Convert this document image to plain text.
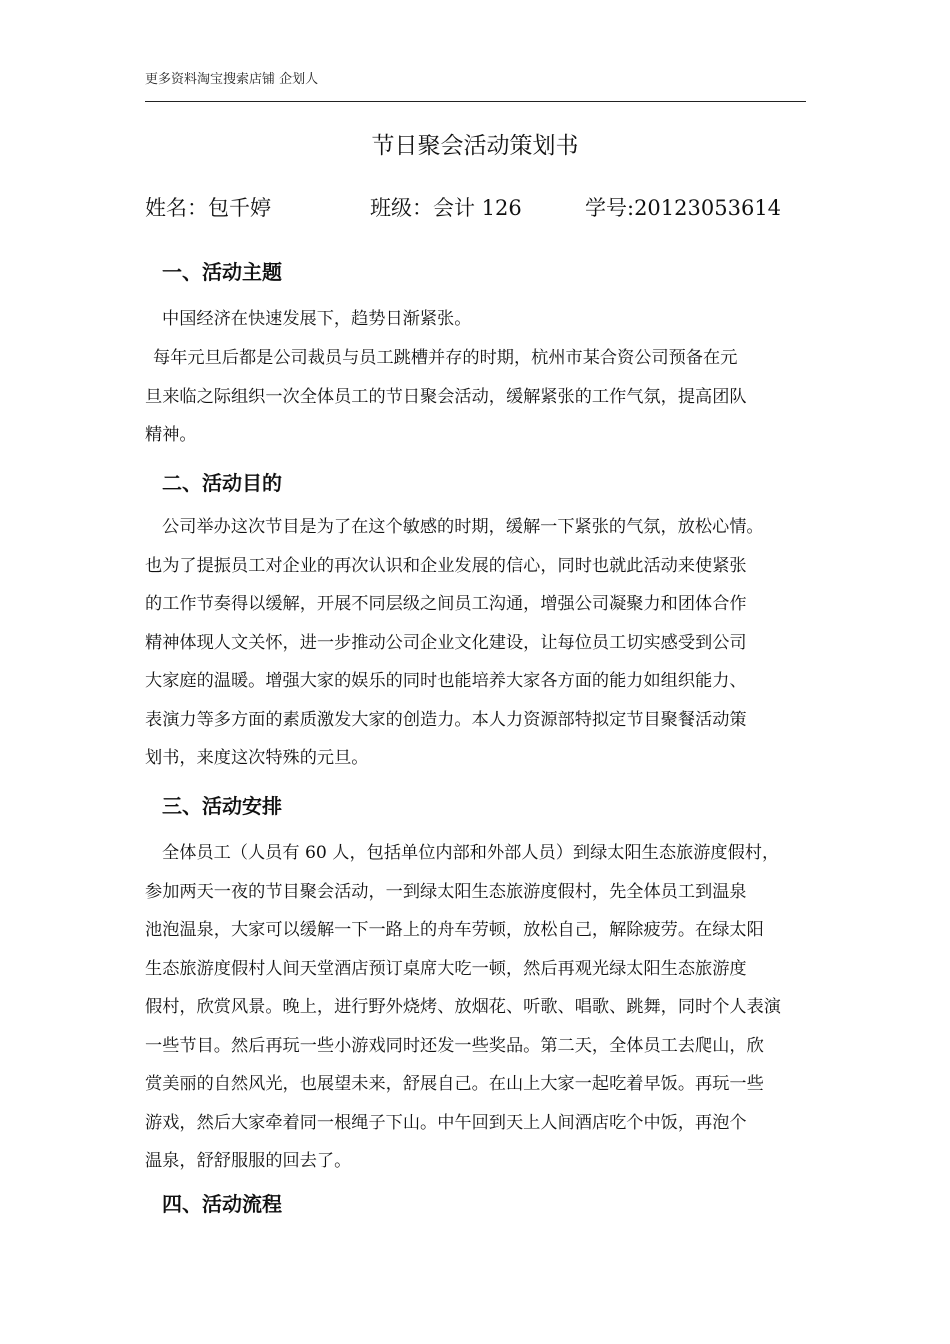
更多资料淘宝搜索店铺 企划人
节日聚会活动策划书
姓名：包千婷	班级：会计 126	学号:20123053614
一、活动主题
中国经济在快速发展下，趋势日渐紧张。
每年元旦后都是公司裁员与员工跳槽并存的时期，杭州市某合资公司预备在元
旦来临之际组织一次全体员工的节日聚会活动，缓解紧张的工作气氛，提高团队
精神。
二、活动目的
公司举办这次节目是为了在这个敏感的时期，缓解一下紧张的气氛，放松心情。
也为了提振员工对企业的再次认识和企业发展的信心，同时也就此活动来使紧张
的工作节奏得以缓解，开展不同层级之间员工沟通，增强公司凝聚力和团体合作
精神体现人文关怀，进一步推动公司企业文化建设，让每位员工切实感受到公司
大家庭的温暖。增强大家的娱乐的同时也能培养大家各方面的能力如组织能力、
表演力等多方面的素质激发大家的创造力。本人力资源部特拟定节目聚餐活动策
划书，来度这次特殊的元旦。
三、活动安排
全体员工（人员有 60 人，包括单位内部和外部人员）到绿太阳生态旅游度假村，
参加两天一夜的节目聚会活动，一到绿太阳生态旅游度假村，先全体员工到温泉
池泡温泉，大家可以缓解一下一路上的舟车劳顿，放松自己，解除疲劳。在绿太阳
生态旅游度假村人间天堂酒店预订桌席大吃一顿，然后再观光绿太阳生态旅游度
假村，欣赏风景。晚上，进行野外烧烤、放烟花、听歌、唱歌、跳舞，同时个人表演
一些节目。然后再玩一些小游戏同时还发一些奖品。第二天，全体员工去爬山，欣
赏美丽的自然风光，也展望未来，舒展自己。在山上大家一起吃着早饭。再玩一些
游戏，然后大家牵着同一根绳子下山。中午回到天上人间酒店吃个中饭，再泡个
温泉，舒舒服服的回去了。
四、活动流程
